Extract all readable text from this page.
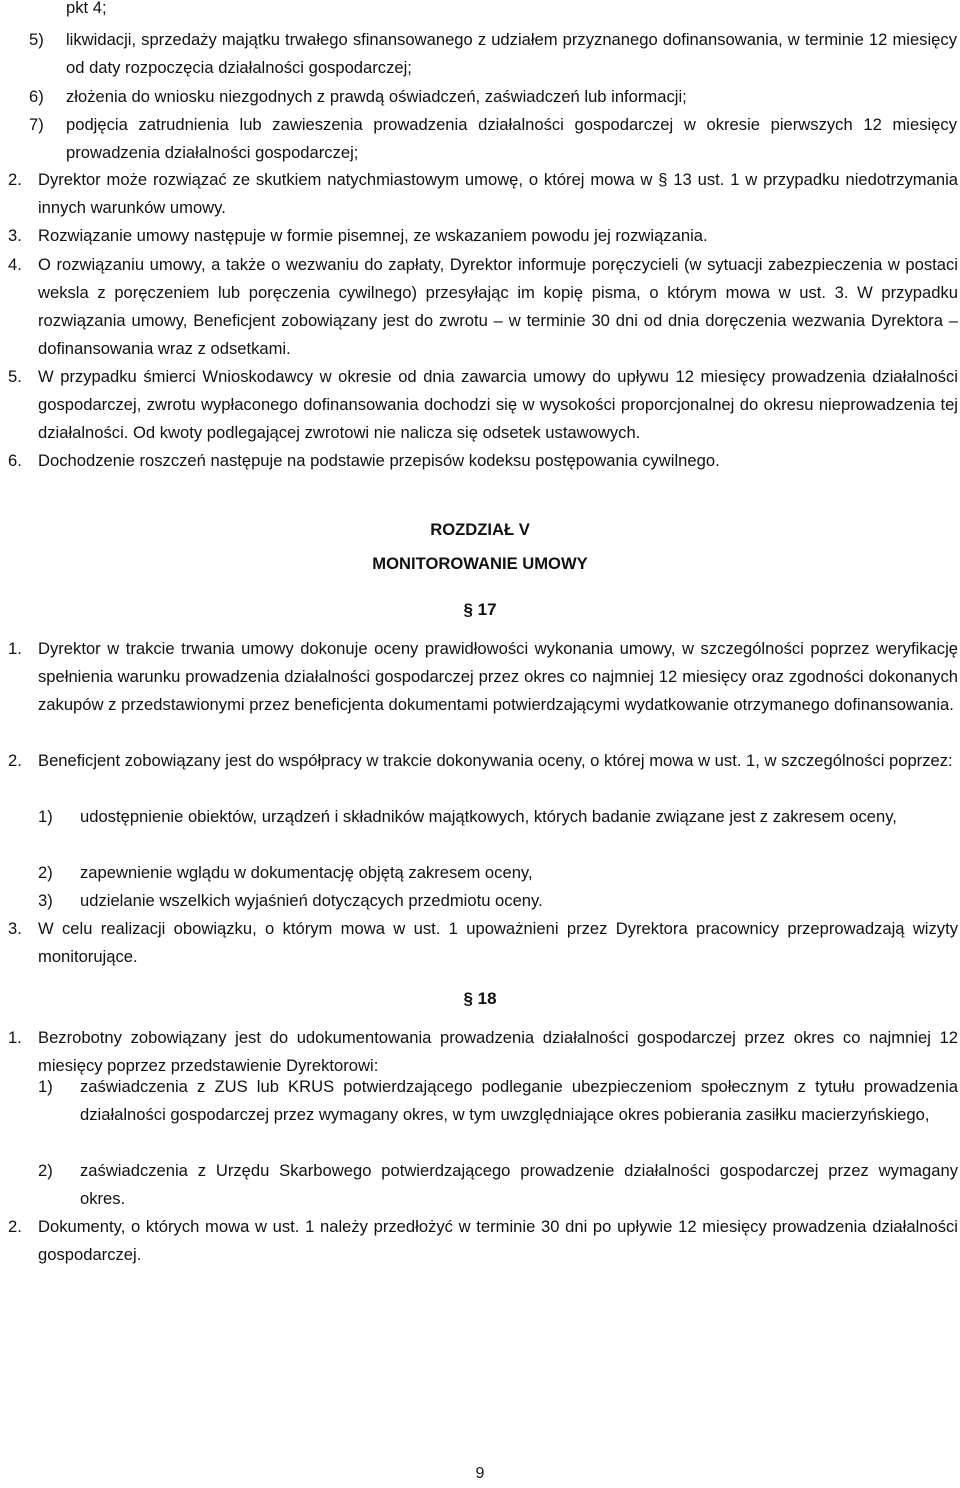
pkt 4;
5)	likwidacji, sprzedaży majątku trwałego sfinansowanego z udziałem przyznanego dofinansowania, w terminie 12 miesięcy od daty rozpoczęcia działalności gospodarczej;
6)	złożenia do wniosku niezgodnych z prawdą oświadczeń, zaświadczeń lub informacji;
7)	podjęcia zatrudnienia lub zawieszenia prowadzenia działalności gospodarczej w okresie pierwszych 12 miesięcy prowadzenia działalności gospodarczej;
2. Dyrektor może rozwiązać ze skutkiem natychmiastowym umowę, o której mowa w § 13 ust. 1 w przypadku niedotrzymania innych warunków umowy.
3. Rozwiązanie umowy następuje w formie pisemnej, ze wskazaniem powodu jej rozwiązania.
4. O rozwiązaniu umowy, a także o wezwaniu do zapłaty, Dyrektor informuje poręczycieli (w sytuacji zabezpieczenia w postaci weksla z poręczeniem lub poręczenia cywilnego) przesyłając im kopię pisma, o którym mowa w ust. 3. W przypadku rozwiązania umowy, Beneficjent zobowiązany jest do zwrotu – w terminie 30 dni od dnia doręczenia wezwania Dyrektora – dofinansowania wraz z odsetkami.
5. W przypadku śmierci Wnioskodawcy w okresie od dnia zawarcia umowy do upływu 12 miesięcy prowadzenia działalności gospodarczej, zwrotu wypłaconego dofinansowania dochodzi się w wysokości proporcjonalnej do okresu nieprowadzenia tej działalności. Od kwoty podlegającej zwrotowi nie nalicza się odsetek ustawowych.
6. Dochodzenie roszczeń następuje na podstawie przepisów kodeksu postępowania cywilnego.
ROZDZIAŁ V
MONITOROWANIE UMOWY
§ 17
1. Dyrektor w trakcie trwania umowy dokonuje oceny prawidłowości wykonania umowy, w szczególności poprzez weryfikację spełnienia warunku prowadzenia działalności gospodarczej przez okres co najmniej 12 miesięcy oraz zgodności dokonanych zakupów z przedstawionymi przez beneficjenta dokumentami potwierdzającymi wydatkowanie otrzymanego dofinansowania.
2. Beneficjent zobowiązany jest do współpracy w trakcie dokonywania oceny, o której mowa w ust. 1, w szczególności poprzez:
1)	udostępnienie obiektów, urządzeń i składników majątkowych, których badanie związane jest z zakresem oceny,
2)	zapewnienie wglądu w dokumentację objętą zakresem oceny,
3)	udzielanie wszelkich wyjaśnień dotyczących przedmiotu oceny.
3. W celu realizacji obowiązku, o którym mowa w ust. 1 upoważnieni przez Dyrektora pracownicy przeprowadzają wizyty monitorujące.
§ 18
1. Bezrobotny zobowiązany jest do udokumentowania prowadzenia działalności gospodarczej przez okres co najmniej 12 miesięcy poprzez przedstawienie Dyrektorowi:
1)	zaświadczenia z ZUS lub KRUS potwierdzającego podleganie ubezpieczeniom społecznym z tytułu prowadzenia działalności gospodarczej przez wymagany okres, w tym uwzględniające okres pobierania zasiłku macierzyńskiego,
2)	zaświadczenia z Urzędu Skarbowego potwierdzającego prowadzenie działalności gospodarczej przez wymagany okres.
2. Dokumenty, o których mowa w ust. 1 należy przedłożyć w terminie 30 dni po upływie 12 miesięcy prowadzenia działalności gospodarczej.
9
